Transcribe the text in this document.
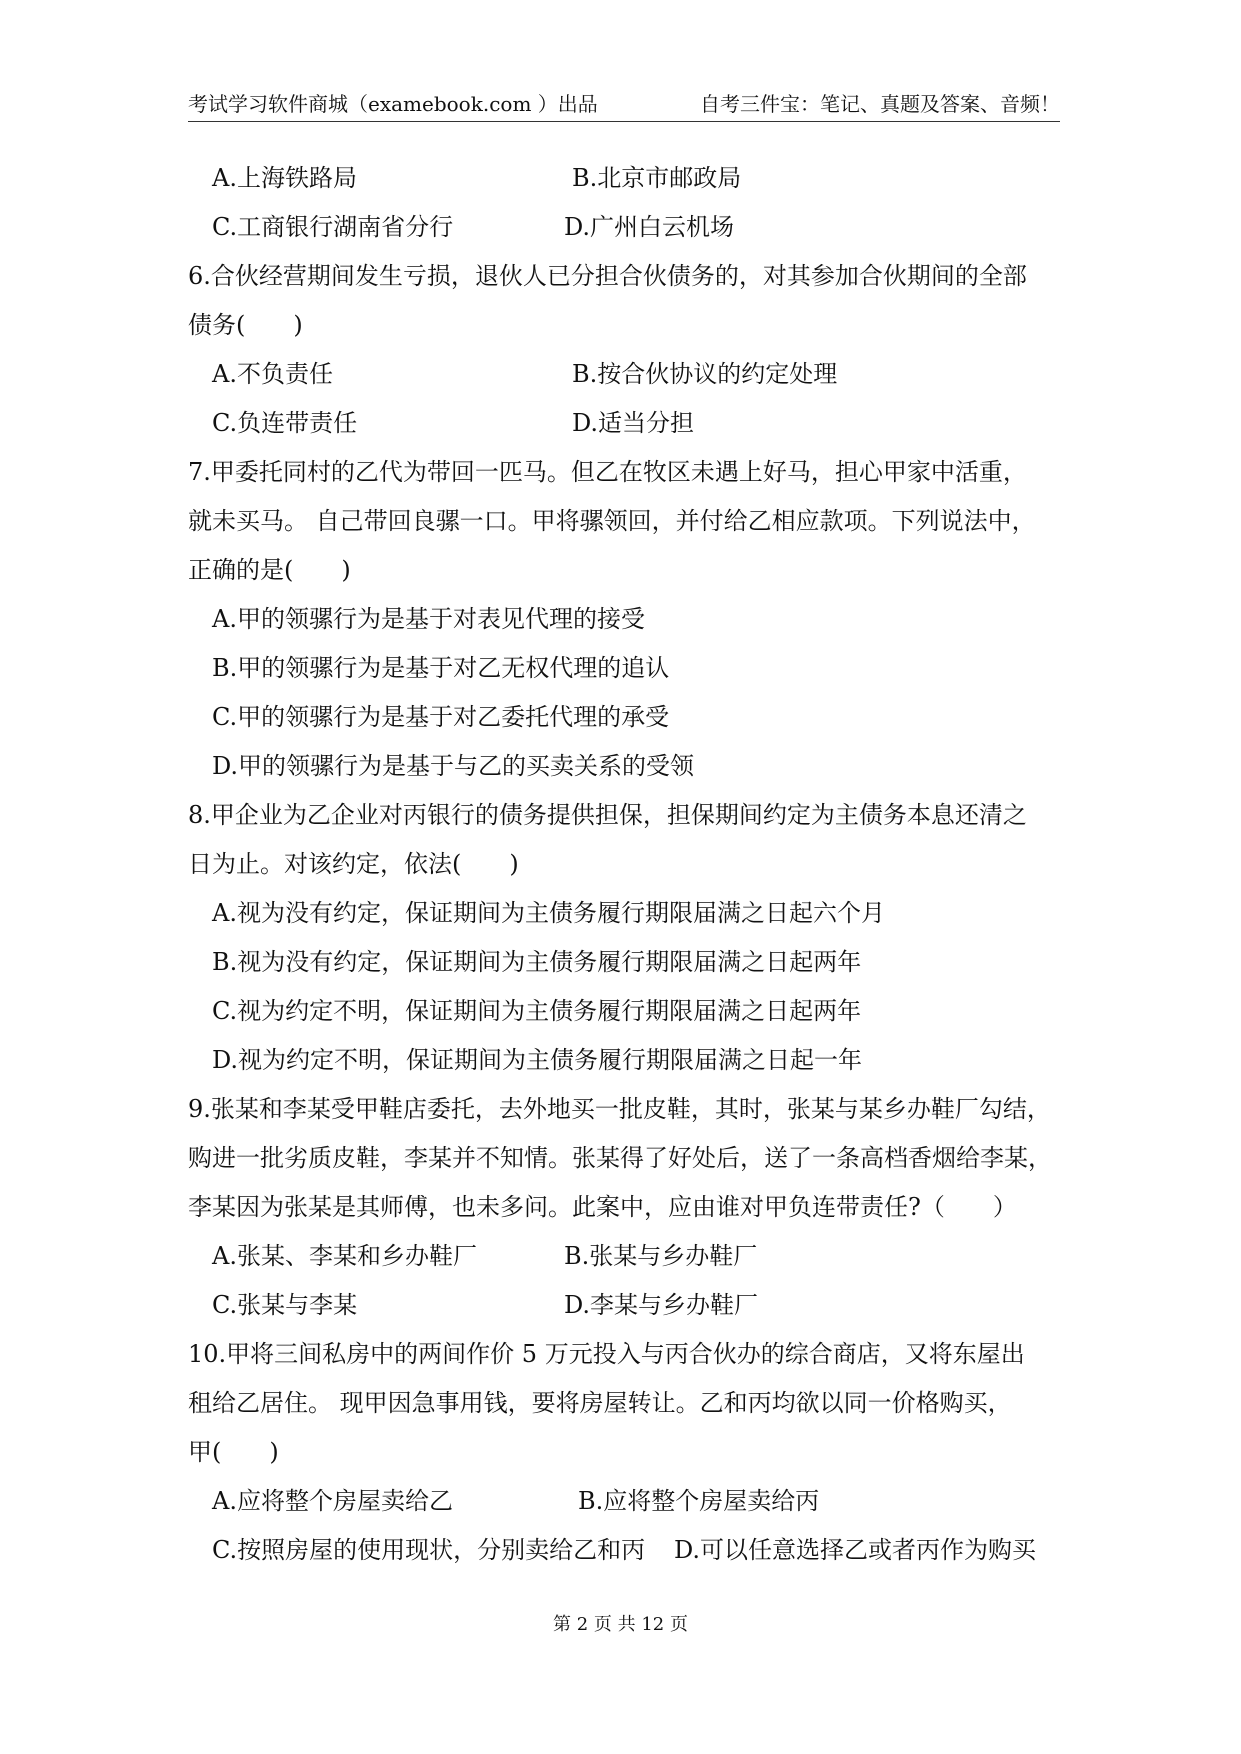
考试学习软件商城（examebook.com ）出品	自考三件宝：笔记、真题及答案、音频！
A.上海铁路局	B.北京市邮政局
C.工商银行湖南省分行	D.广州白云机场
6.合伙经营期间发生亏损，退伙人已分担合伙债务的，对其参加合伙期间的全部
债务(　　)
A.不负责任	B.按合伙协议的约定处理
C.负连带责任	D.适当分担
7.甲委托同村的乙代为带回一匹马。但乙在牧区未遇上好马，担心甲家中活重，
就未买马。 自己带回良骡一口。甲将骡领回，并付给乙相应款项。下列说法中，
正确的是(　　)
A.甲的领骡行为是基于对表见代理的接受
B.甲的领骡行为是基于对乙无权代理的追认
C.甲的领骡行为是基于对乙委托代理的承受
D.甲的领骡行为是基于与乙的买卖关系的受领
8.甲企业为乙企业对丙银行的债务提供担保，担保期间约定为主债务本息还清之
日为止。对该约定，依法(　　)
A.视为没有约定，保证期间为主债务履行期限届满之日起六个月
B.视为没有约定，保证期间为主债务履行期限届满之日起两年
C.视为约定不明，保证期间为主债务履行期限届满之日起两年
D.视为约定不明，保证期间为主债务履行期限届满之日起一年
9.张某和李某受甲鞋店委托，去外地买一批皮鞋，其时，张某与某乡办鞋厂勾结，
购进一批劣质皮鞋，李某并不知情。张某得了好处后，送了一条高档香烟给李某，
李某因为张某是其师傅，也未多问。此案中，应由谁对甲负连带责任?（　　）
A.张某、李某和乡办鞋厂	B.张某与乡办鞋厂
C.张某与李某	D.李某与乡办鞋厂
10.甲将三间私房中的两间作价 5 万元投入与丙合伙办的综合商店，又将东屋出
租给乙居住。 现甲因急事用钱，要将房屋转让。乙和丙均欲以同一价格购买，
甲(　　)
A.应将整个房屋卖给乙	B.应将整个房屋卖给丙
C.按照房屋的使用现状，分别卖给乙和丙 D.可以任意选择乙或者丙作为购买
第 2 页 共 12 页
